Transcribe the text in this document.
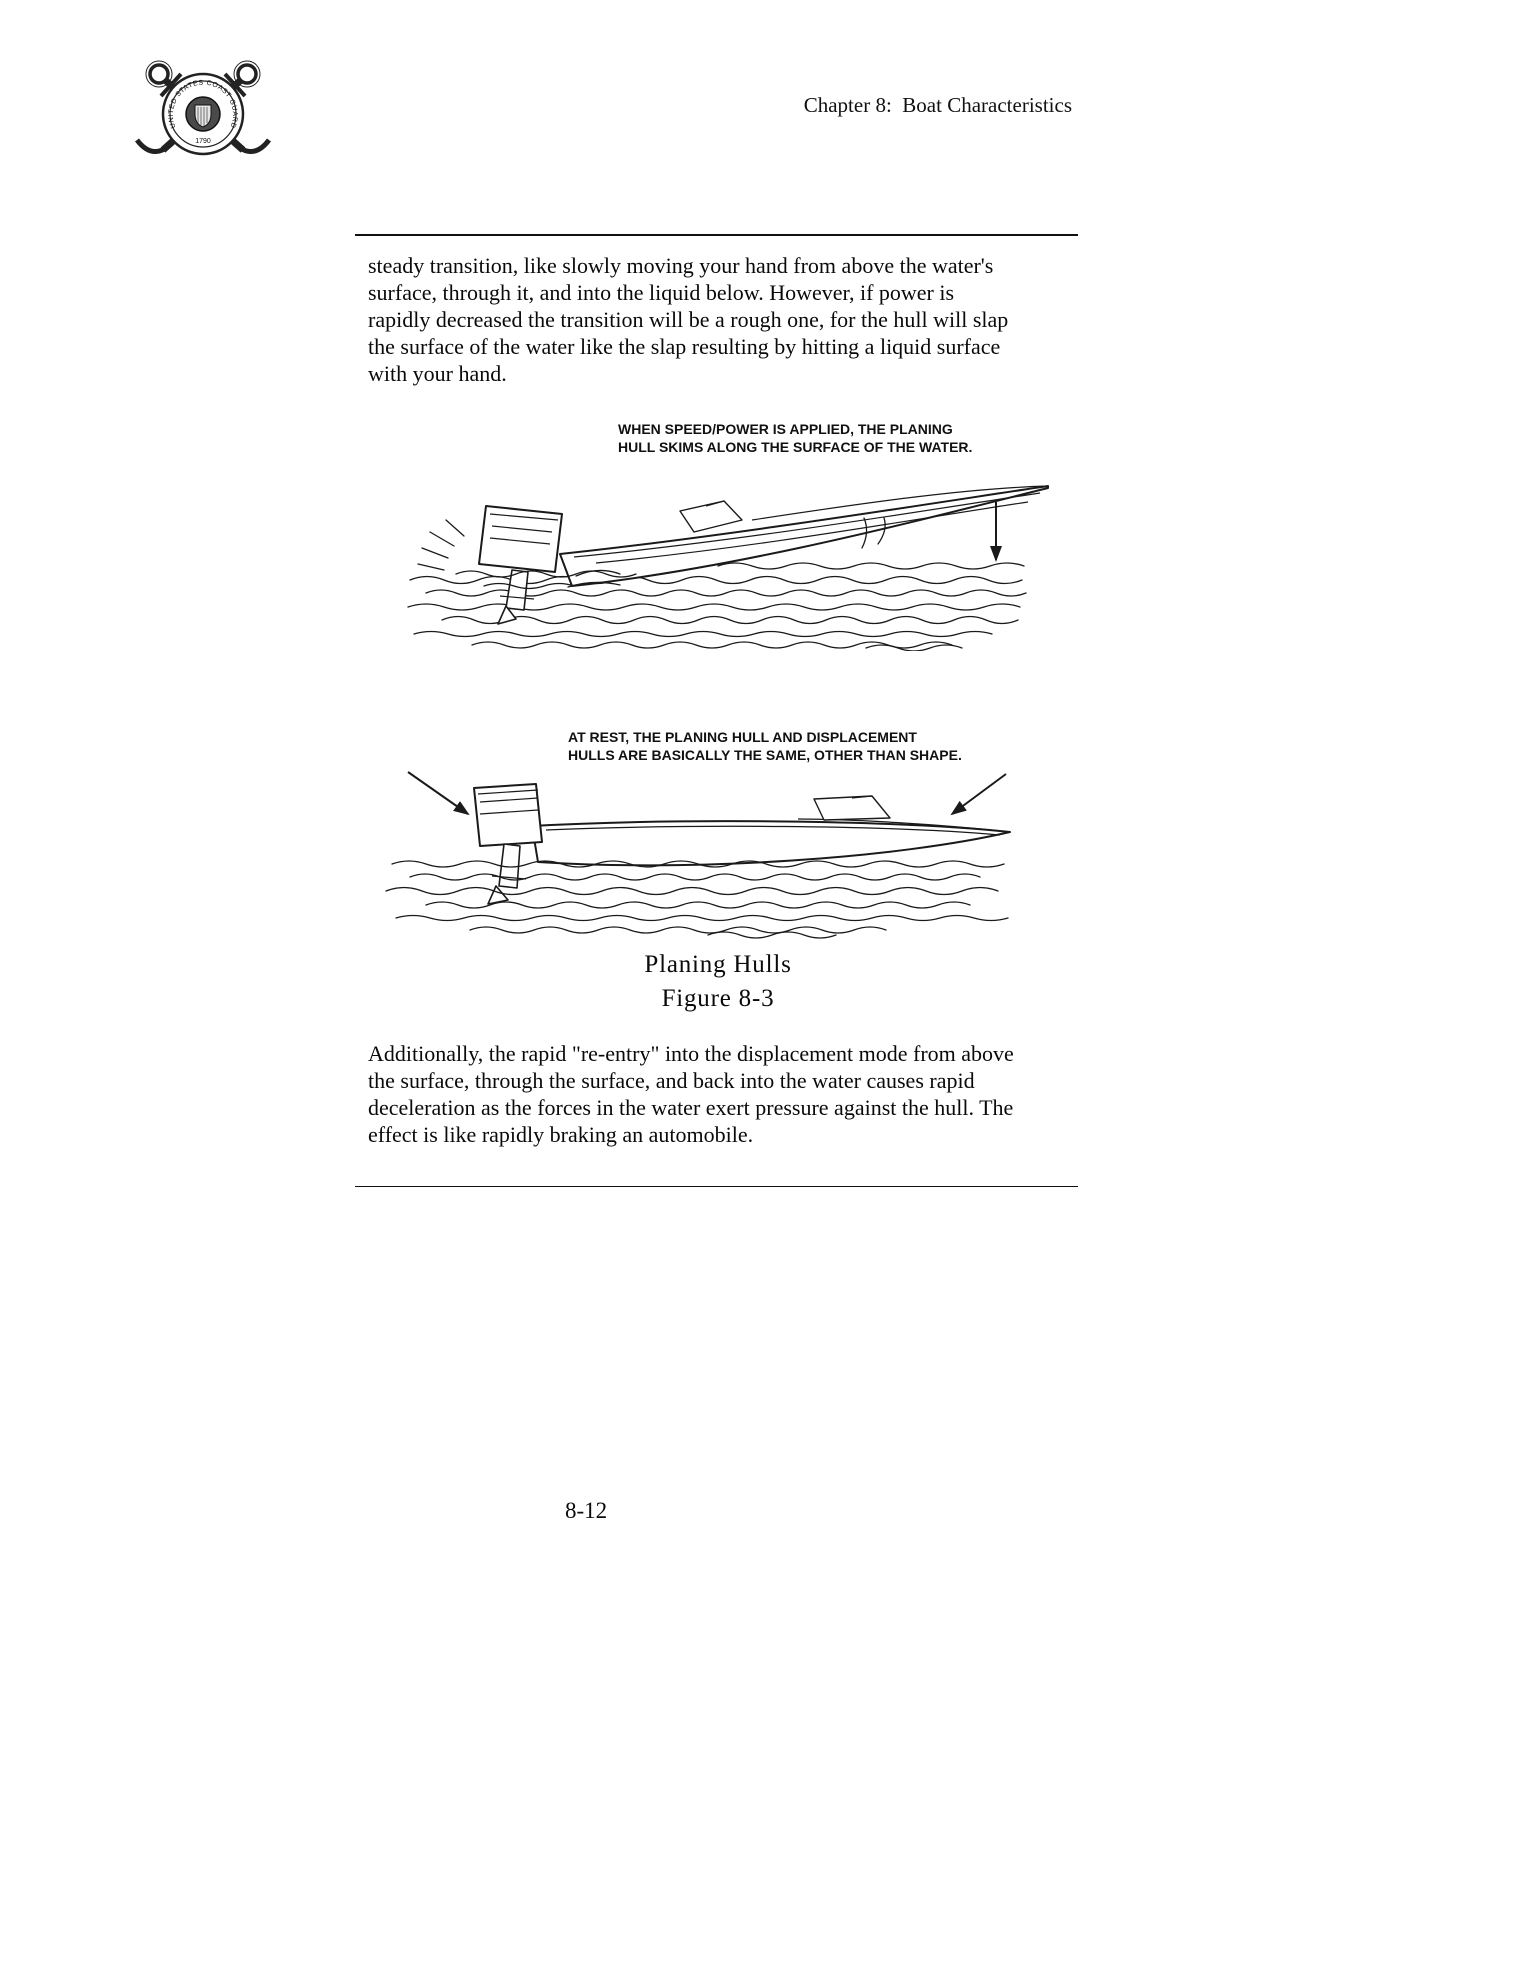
UNITED STATES COAST GUARD
1790
Chapter 8:  Boat Characteristics
steady transition, like slowly moving your hand from above the water's
surface, through it, and into the liquid below. However, if power is
rapidly decreased the transition will be a rough one, for the hull will slap
the surface of the water like the slap resulting by hitting a liquid surface
with your hand.
WHEN SPEED/POWER IS APPLIED, THE PLANING
HULL SKIMS ALONG THE SURFACE OF THE WATER.
AT REST, THE PLANING HULL AND DISPLACEMENT
HULLS ARE BASICALLY THE SAME, OTHER THAN SHAPE.
Planing Hulls
Figure 8-3
Additionally, the rapid "re-entry" into the displacement mode from above
the surface, through the surface, and back into the water causes rapid
deceleration as the forces in the water exert pressure against the hull. The
effect is like rapidly braking an automobile.
8-12
